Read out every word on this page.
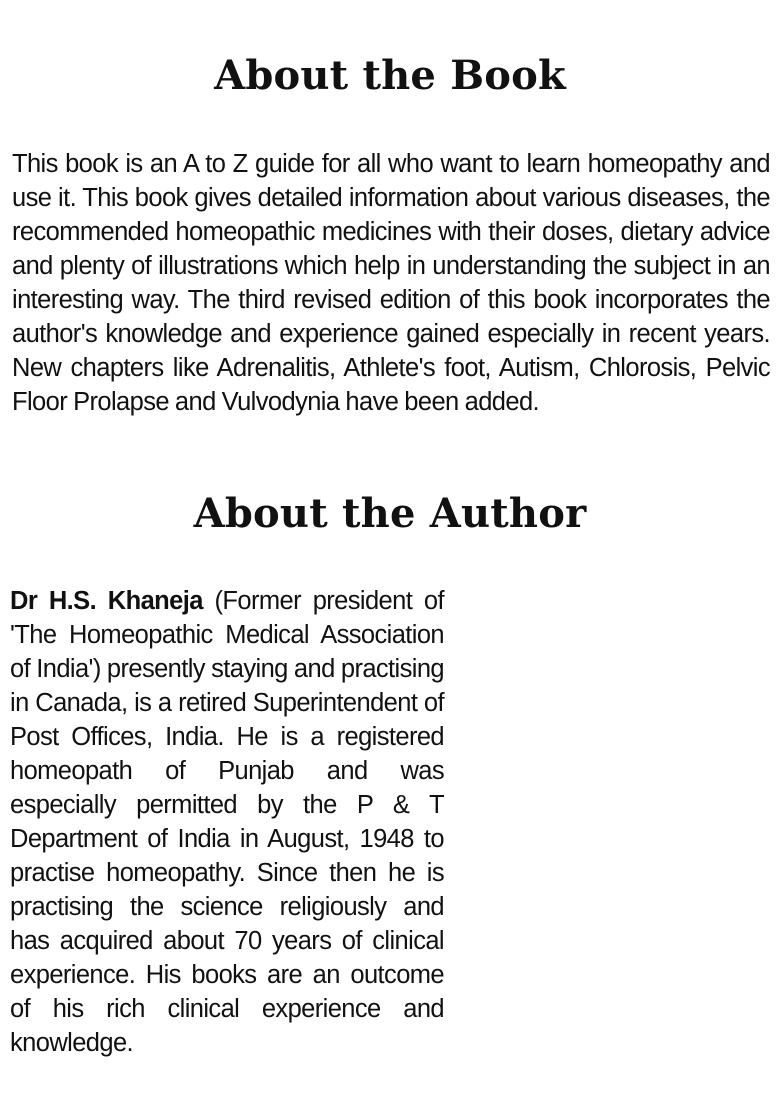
About the Book

This book is an A to Z guide for all who want to learn homeopathy and use it. This book gives detailed information about various diseases, the recommended homeopathic medicines with their doses, dietary advice and plenty of illustrations which help in understanding the subject in an interesting way. The third revised edition of this book incorporates the author's knowledge and experience gained especially in recent years. New chapters like Adrenalitis, Athlete's foot, Autism, Chlorosis, Pelvic Floor Prolapse and Vulvodynia have been added.

About the Author

Dr H.S. Khaneja (Former president of 'The Homeopathic Medical Association of India') presently staying and practising in Canada, is a retired Superintendent of Post Offices, India. He is a registered homeopath of Punjab and was especially permitted by the P & T Department of India in August, 1948 to practise homeopathy. Since then he is practising the science religiously and has acquired about 70 years of clinical experience. His books are an outcome of his rich clinical experience and knowledge.
